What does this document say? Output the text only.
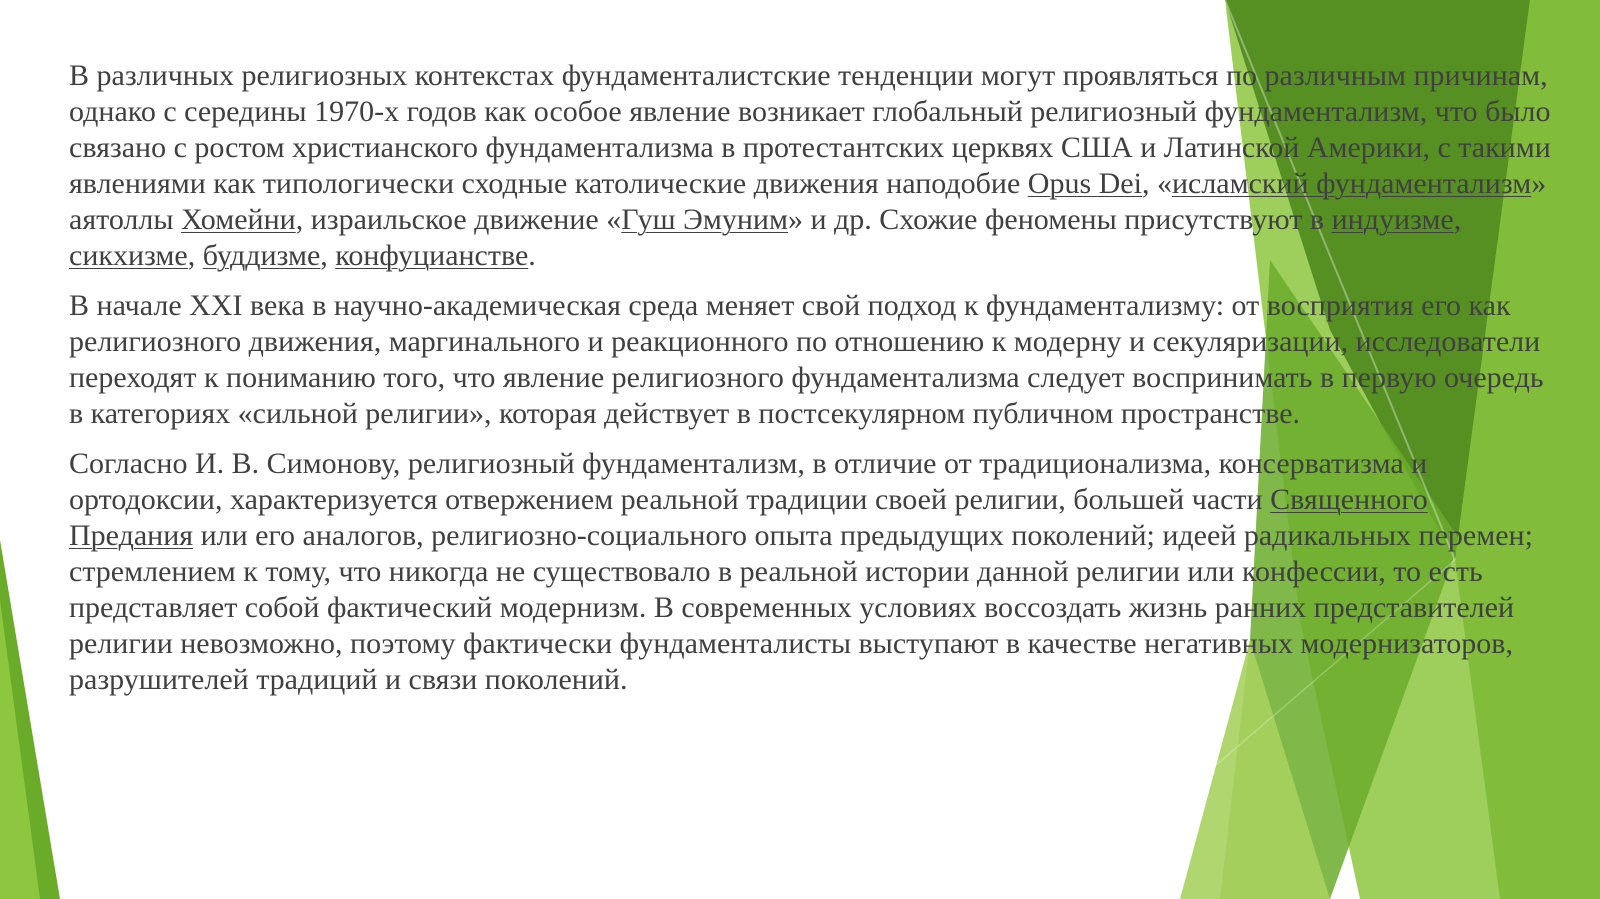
В различных религиозных контекстах фундаменталистские тенденции могут проявляться по различным причинам, однако с середины 1970-х годов как особое явление возникает глобальный религиозный фундаментализм, что было связано с ростом христианского фундаментализма в протестантских церквях США и Латинской Америки, с такими явлениями как типологически сходные католические движения наподобие Opus Dei, «исламский фундаментализм» аятоллы Хомейни, израильское движение «Гуш Эмуним» и др. Схожие феномены присутствуют в индуизме, сикхизме, буддизме, конфуцианстве.

В начале XXI века в научно-академическая среда меняет свой подход к фундаментализму: от восприятия его как религиозного движения, маргинального и реакционного по отношению к модерну и секуляризации, исследователи переходят к пониманию того, что явление религиозного фундаментализма следует воспринимать в первую очередь в категориях «сильной религии», которая действует в постсекулярном публичном пространстве.

Согласно И. В. Симонову, религиозный фундаментализм, в отличие от традиционализма, консерватизма и ортодоксии, характеризуется отвержением реальной традиции своей религии, большей части Священного Предания или его аналогов, религиозно-социального опыта предыдущих поколений; идеей радикальных перемен; стремлением к тому, что никогда не существовало в реальной истории данной религии или конфессии, то есть представляет собой фактический модернизм. В современных условиях воссоздать жизнь ранних представителей религии невозможно, поэтому фактически фундаменталисты выступают в качестве негативных модернизаторов, разрушителей традиций и связи поколений.
